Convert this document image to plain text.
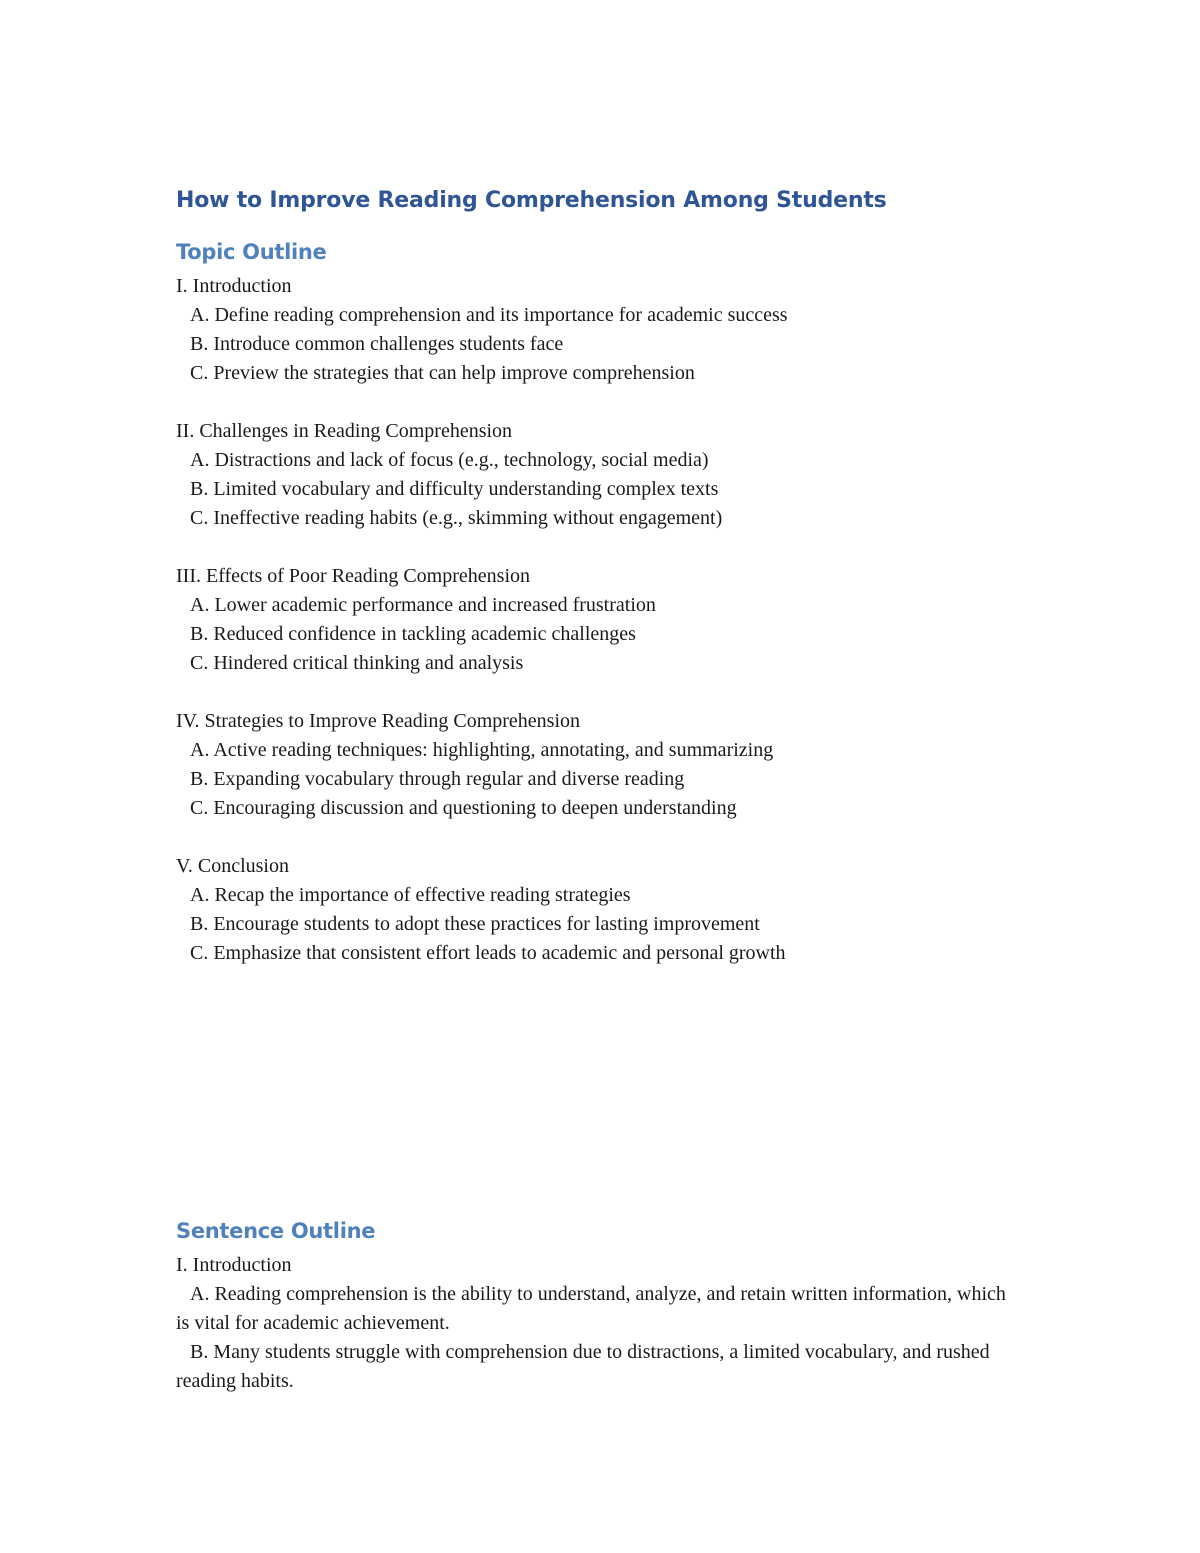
How to Improve Reading Comprehension Among Students
Topic Outline
I. Introduction
A. Define reading comprehension and its importance for academic success
B. Introduce common challenges students face
C. Preview the strategies that can help improve comprehension
II. Challenges in Reading Comprehension
A. Distractions and lack of focus (e.g., technology, social media)
B. Limited vocabulary and difficulty understanding complex texts
C. Ineffective reading habits (e.g., skimming without engagement)
III. Effects of Poor Reading Comprehension
A. Lower academic performance and increased frustration
B. Reduced confidence in tackling academic challenges
C. Hindered critical thinking and analysis
IV. Strategies to Improve Reading Comprehension
A. Active reading techniques: highlighting, annotating, and summarizing
B. Expanding vocabulary through regular and diverse reading
C. Encouraging discussion and questioning to deepen understanding
V. Conclusion
A. Recap the importance of effective reading strategies
B. Encourage students to adopt these practices for lasting improvement
C. Emphasize that consistent effort leads to academic and personal growth
Sentence Outline
I. Introduction
A. Reading comprehension is the ability to understand, analyze, and retain written information, which is vital for academic achievement.
B. Many students struggle with comprehension due to distractions, a limited vocabulary, and rushed reading habits.
